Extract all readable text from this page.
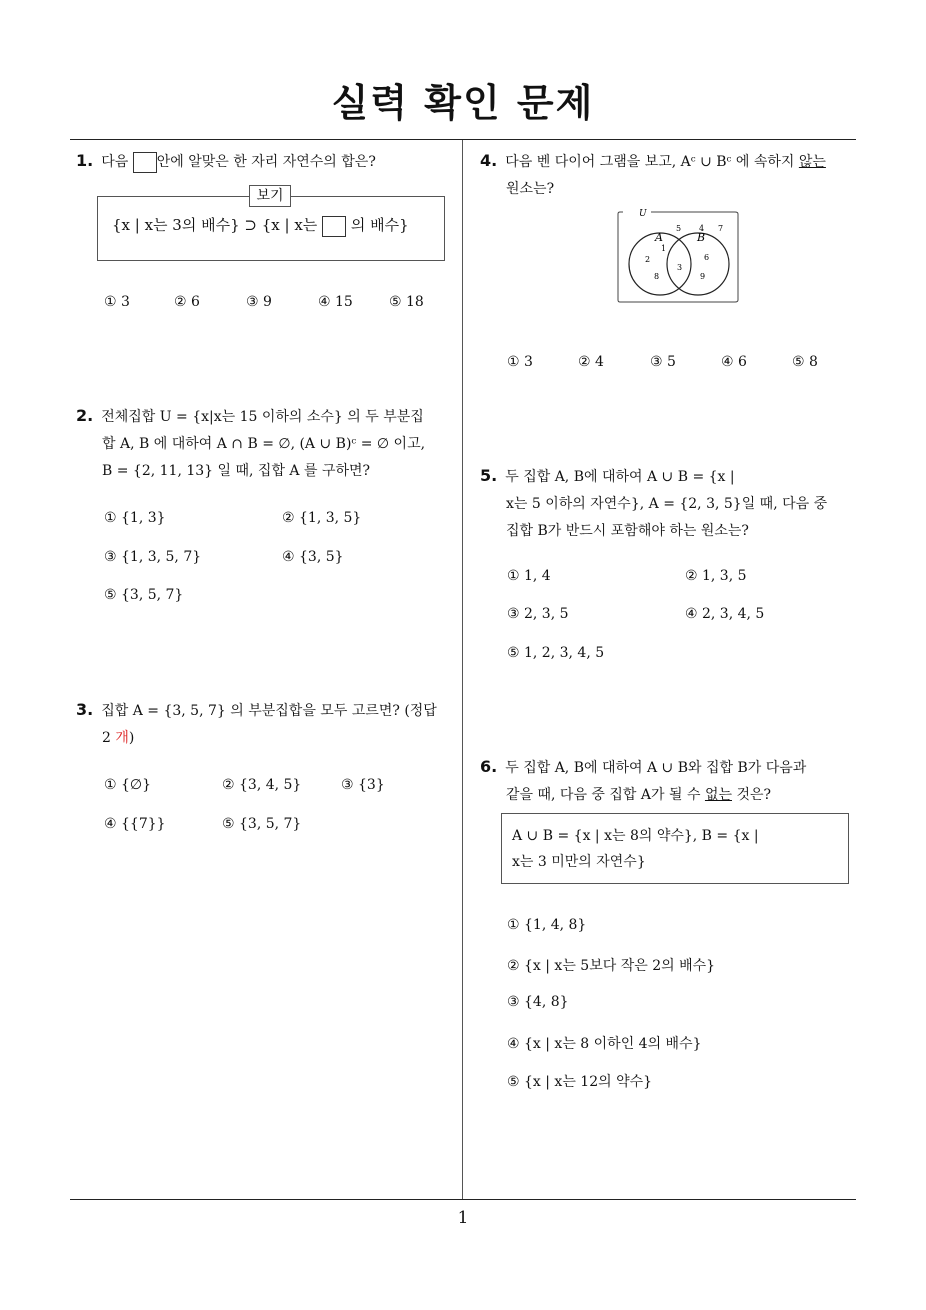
실력 확인 문제
1
1. 다음 안에 알맞은 한 자리 자연수의 합은?
보기
{x | x는 3의 배수} ⊃ {x | x는 의 배수}
① 3	② 6	③ 9	④ 15	⑤ 18
2. 전체집합 U = {x|x는 15 이하의 소수} 의 두 부분집
합 A, B 에 대하여 A ∩ B = ∅, (A ∪ B)ᶜ = ∅ 이고,
B = {2, 11, 13} 일 때, 집합 A 를 구하면?
① {1, 3}	② {1, 3, 5}
③ {1, 3, 5, 7}	④ {3, 5}
⑤ {3, 5, 7}
3. 집합 A = {3, 5, 7} 의 부분집합을 모두 고르면? (정답
2 개)
① {∅}	② {3, 4, 5}	③ {3}
④ {{7}}	⑤ {3, 5, 7}
4. 다음 벤 다이어 그램을 보고, Aᶜ ∪ Bᶜ 에 속하지 않는
원소는?
U
A	B
5 4 7
1
2
8
3
6
9
① 3	② 4	③ 5	④ 6	⑤ 8
5. 두 집합 A, B에 대하여 A ∪ B = {x |
x는 5 이하의 자연수}, A = {2, 3, 5}일 때, 다음 중
집합 B가 반드시 포함해야 하는 원소는?
① 1, 4	② 1, 3, 5
③ 2, 3, 5	④ 2, 3, 4, 5
⑤ 1, 2, 3, 4, 5
6. 두 집합 A, B에 대하여 A ∪ B와 집합 B가 다음과
같을 때, 다음 중 집합 A가 될 수 없는 것은?
A ∪ B = {x | x는 8의 약수}, B = {x |
x는 3 미만의 자연수}
① {1, 4, 8}
② {x | x는 5보다 작은 2의 배수}
③ {4, 8}
④ {x | x는 8 이하인 4의 배수}
⑤ {x | x는 12의 약수}
